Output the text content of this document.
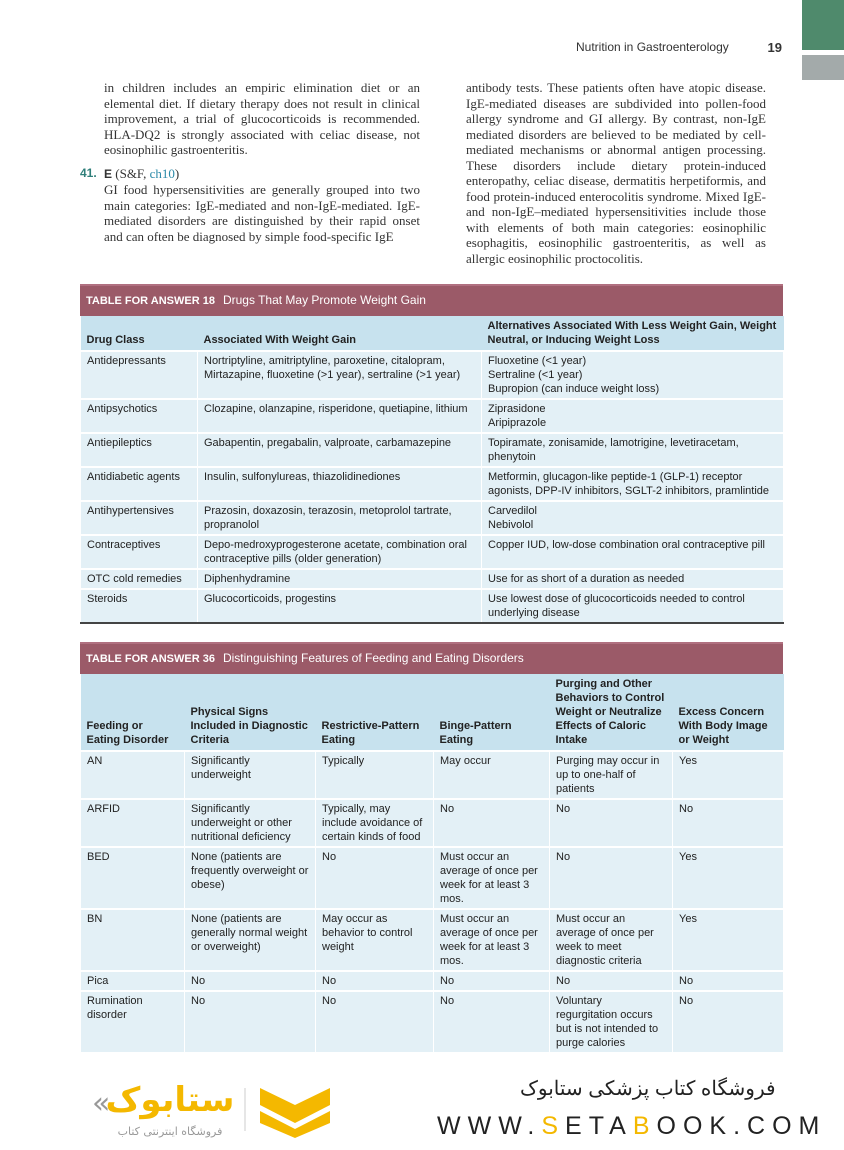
Nutrition in Gastroenterology	19

in children includes an empiric elimination diet or an elemental diet. If dietary therapy does not result in clinical improvement, a trial of glucocorticoids is recommended. HLA-DQ2 is strongly associated with celiac disease, not eosinophilic gastroenteritis.

41. E (S&F, ch10)

GI food hypersensitivities are generally grouped into two main categories: IgE-mediated and non-IgE-mediated. IgE-mediated disorders are distinguished by their rapid onset and can often be diagnosed by simple food-specific IgE

antibody tests. These patients often have atopic disease. IgE-mediated diseases are subdivided into pollen-food allergy syndrome and GI allergy. By contrast, non-IgE mediated disorders are believed to be mediated by cell-mediated mechanisms or abnormal antigen processing. These disorders include dietary protein-induced enteropathy, celiac disease, dermatitis herpetiformis, and food protein-induced enterocolitis syndrome. Mixed IgE- and non-IgE–mediated hypersensitivities include those with elements of both main categories: eosinophilic esophagitis, eosinophilic gastroenteritis, as well as allergic eosinophilic proctocolitis.

TABLE FOR ANSWER 18 Drugs That May Promote Weight Gain
Drug Class	Associated With Weight Gain	Alternatives Associated With Less Weight Gain, Weight Neutral, or Inducing Weight Loss
Antidepressants	Nortriptyline, amitriptyline, paroxetine, citalopram, Mirtazapine, fluoxetine (>1 year), sertraline (>1 year)	Fluoxetine (<1 year)
Sertraline (<1 year)
Bupropion (can induce weight loss)
Antipsychotics	Clozapine, olanzapine, risperidone, quetiapine, lithium	Ziprasidone
Aripiprazole
Antiepileptics	Gabapentin, pregabalin, valproate, carbamazepine	Topiramate, zonisamide, lamotrigine, levetiracetam, phenytoin
Antidiabetic agents	Insulin, sulfonylureas, thiazolidinediones	Metformin, glucagon-like peptide-1 (GLP-1) receptor agonists, DPP-IV inhibitors, SGLT-2 inhibitors, pramlintide
Antihypertensives	Prazosin, doxazosin, terazosin, metoprolol tartrate, propranolol	Carvedilol
Nebivolol
Contraceptives	Depo-medroxyprogesterone acetate, combination oral contraceptive pills (older generation)	Copper IUD, low-dose combination oral contraceptive pill
OTC cold remedies	Diphenhydramine	Use for as short of a duration as needed
Steroids	Glucocorticoids, progestins	Use lowest dose of glucocorticoids needed to control underlying disease
TABLE FOR ANSWER 36 Distinguishing Features of Feeding and Eating Disorders
Feeding or Eating Disorder	Physical Signs Included in Diagnostic Criteria	Restrictive-Pattern Eating	Binge-Pattern Eating	Purging and Other Behaviors to Control Weight or Neutralize Effects of Caloric Intake	Excess Concern With Body Image or Weight
AN	Significantly underweight	Typically	May occur	Purging may occur in up to one-half of patients	Yes
ARFID	Significantly underweight or other nutritional deficiency	Typically, may include avoidance of certain kinds of food	No	No	No
BED	None (patients are frequently overweight or obese)	No	Must occur an average of once per week for at least 3 mos.	No	Yes
BN	None (patients are generally normal weight or overweight)	May occur as behavior to control weight	Must occur an average of once per week for at least 3 mos.	Must occur an average of once per week to meet diagnostic criteria	Yes
Pica	No	No	No	No	No
Rumination disorder	No	No	No	Voluntary regurgitation occurs but is not intended to purge calories	No
ستابوک
«
فروشگاه اینترنتی کتاب
فروشگاه کتاب پزشکی ستابوک
WWW.SETABOOK.COM
